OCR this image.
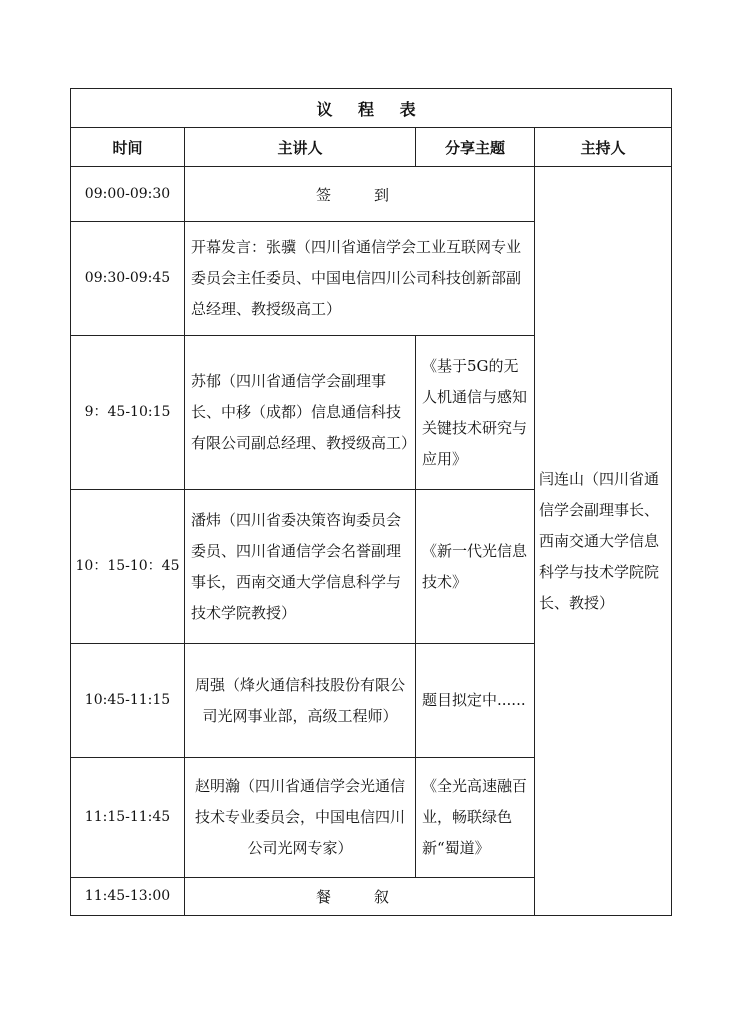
议 程 表			
时间	主讲人	分享主题	主持人
09:00-09:30	签　到		闫连山（四川省通信学会副理事长、西南交通大学信息科学与技术学院院长、教授）
09:30-09:45	开幕发言：张骥（四川省通信学会工业互联网专业委员会主任委员、中国电信四川公司科技创新部副总经理、教授级高工）		
9：45-10:15	苏郁（四川省通信学会副理事长、中移（成都）信息通信科技有限公司副总经理、教授级高工）	《基于5G的无人机通信与感知关键技术研究与应用》	
10：15-10：45	潘炜（四川省委决策咨询委员会委员、四川省通信学会名誉副理事长，西南交通大学信息科学与技术学院教授）	《新一代光信息技术》	
10:45-11:15	周强（烽火通信科技股份有限公司光网事业部，高级工程师）	题目拟定中......	
11:15-11:45	赵明瀚（四川省通信学会光通信技术专业委员会，中国电信四川公司光网专家）	《全光高速融百业，畅联绿色新“蜀道》	
11:45-13:00	餐　叙		
